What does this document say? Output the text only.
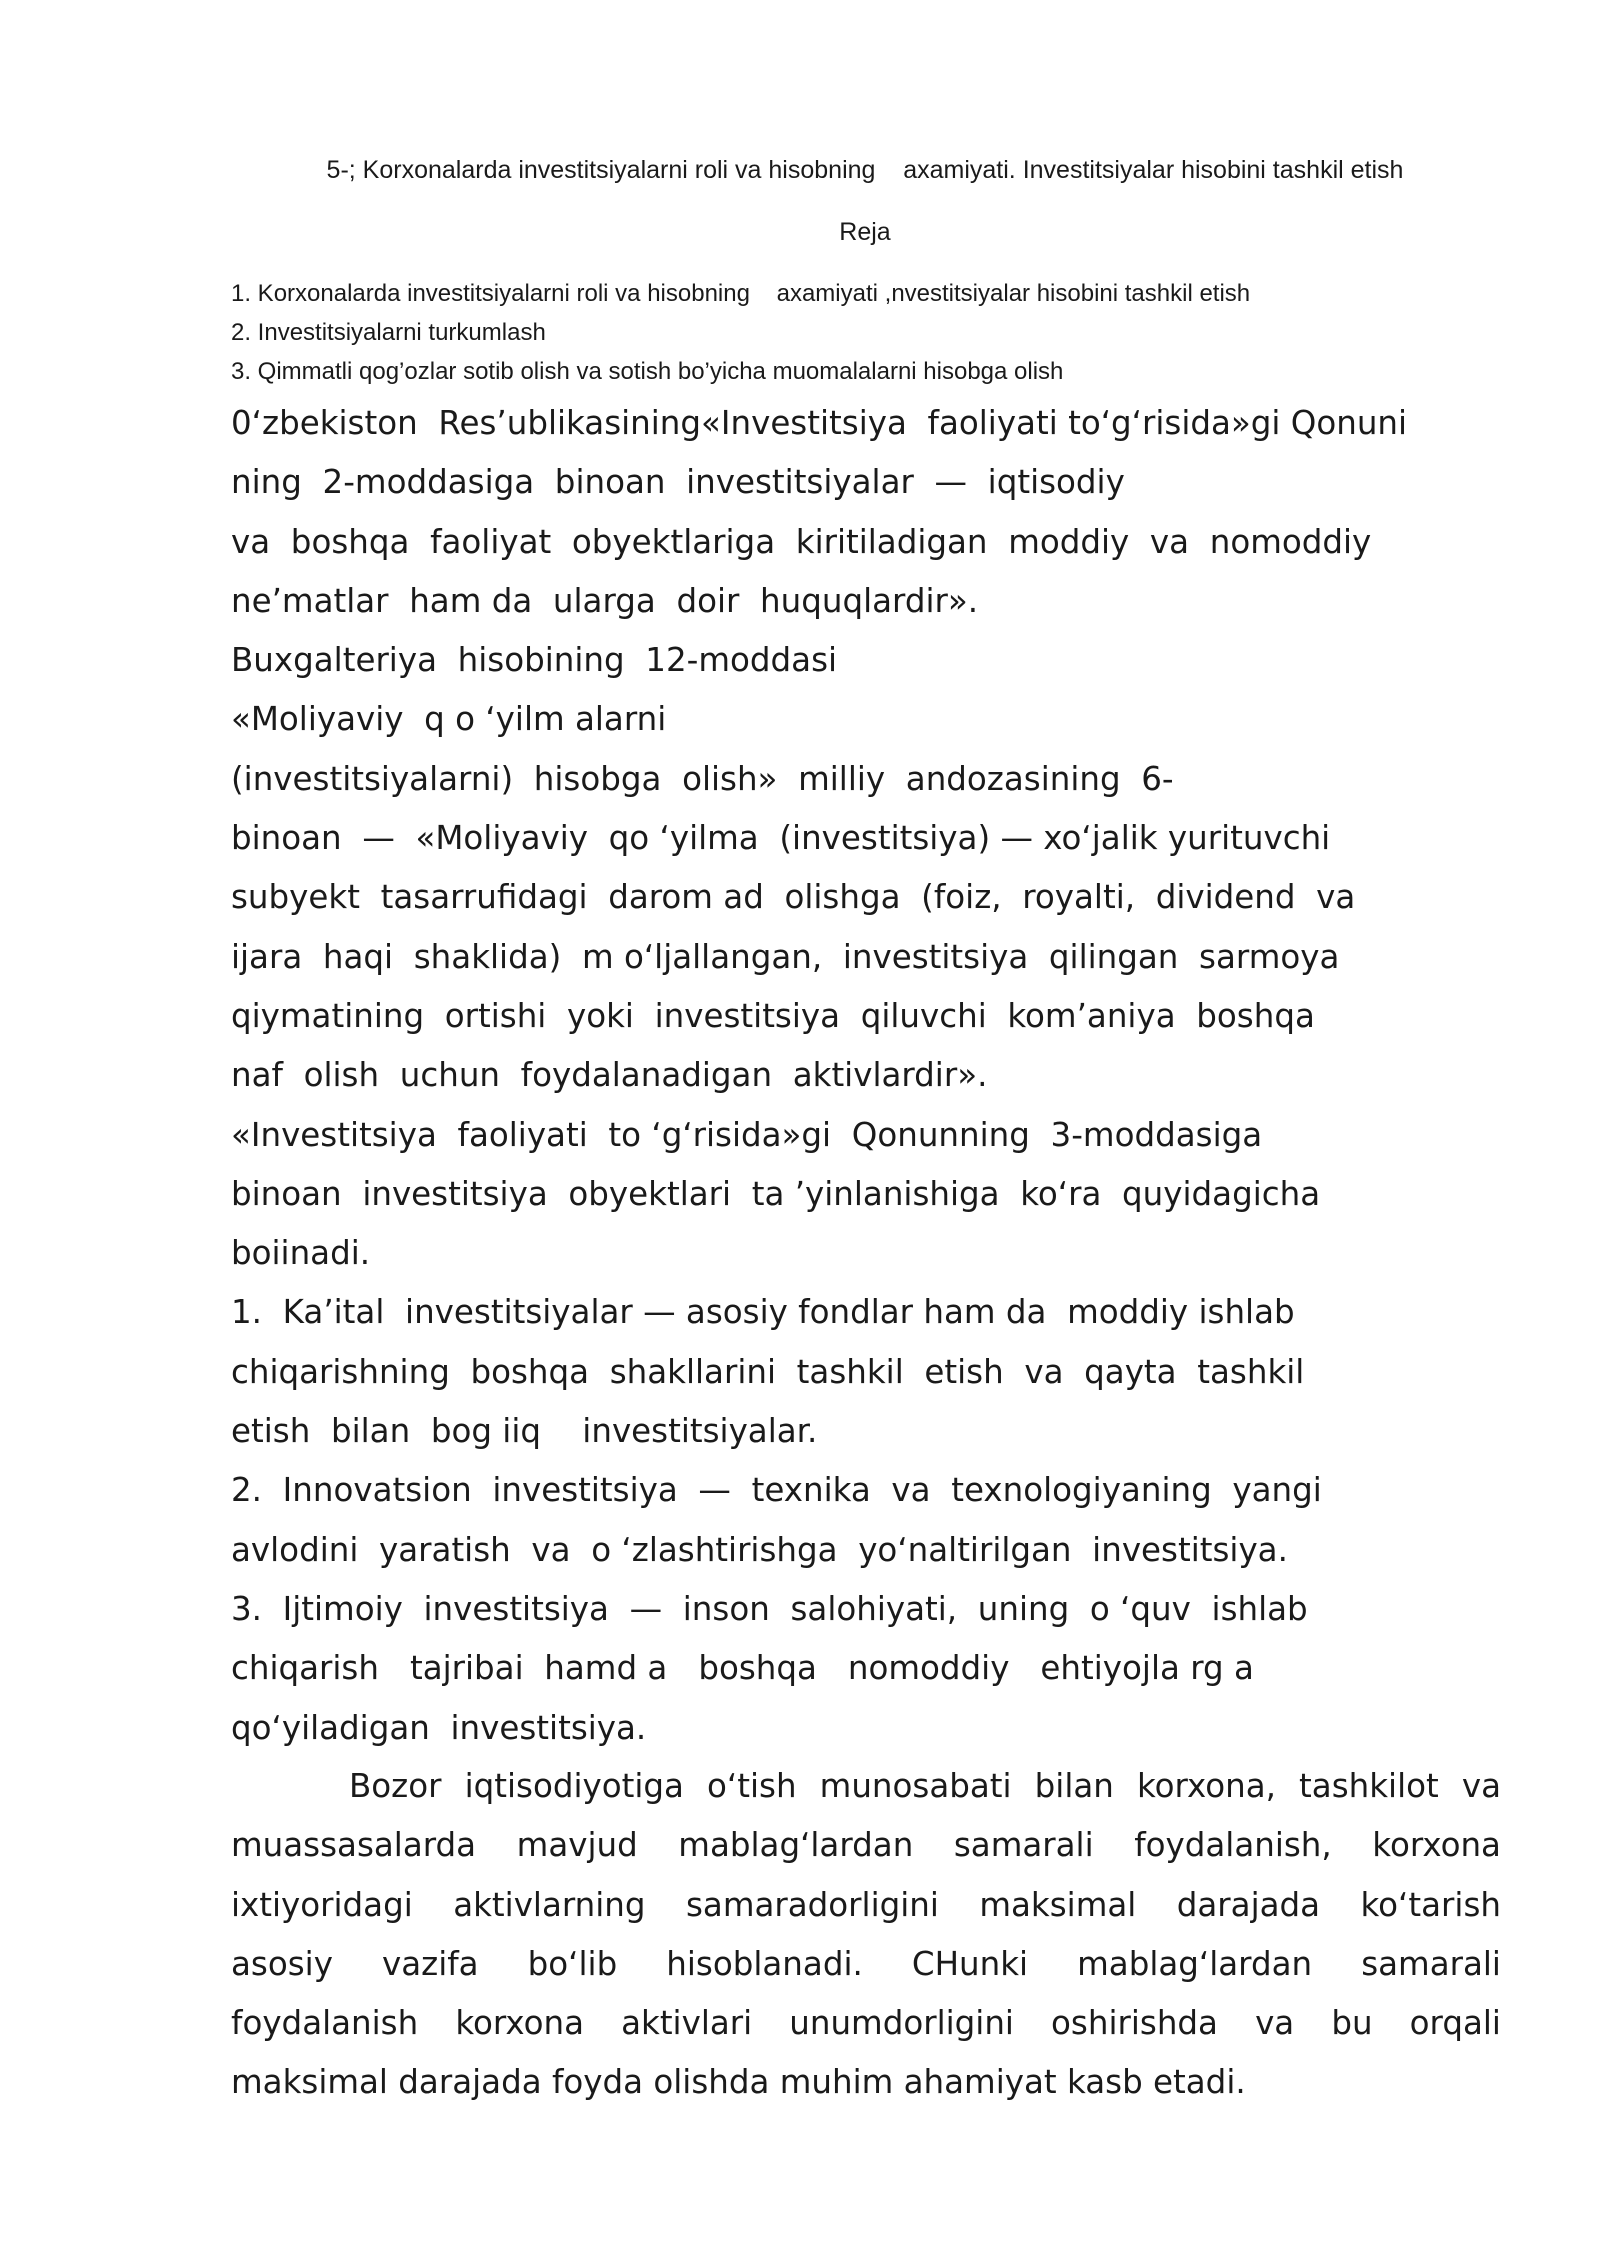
5-; Korxonalarda investitsiyalarni roli va hisobning    axamiyati. Investitsiyalar hisobini tashkil etish
Reja
1. Korxonalarda investitsiyalarni roli va hisobning    axamiyati ,nvestitsiyalar hisobini tashkil etish
2. Investitsiyalarni turkumlash
3. Qimmatli qog’ozlar sotib olish va sotish bo’yicha muomalalarni hisobga olish
0‘zbekiston  Res’ublikasining«Investitsiya  faoliyati to‘g‘risida»gi Qonuni
ning  2-moddasiga  binoan  investitsiyalar  —  iqtisodiy
va  boshqa  faoliyat  obyektlariga  kiritiladigan  moddiy  va  nomoddiy
ne’matlar  ham da  ularga  doir  huquqlardir».
Buxgalteriya  hisobining  12-moddasi
«Moliyaviy  q o ‘yilm alarni
(investitsiyalarni)  hisobga  olish»  milliy  andozasining  6-
binoan  —  «Moliyaviy  qo ‘yilma  (investitsiya) — xo‘jalik yurituvchi
subyekt  tasarrufidagi  darom ad  olishga  (foiz,  royalti,  dividend  va
ijara  haqi  shaklida)  m o‘ljallangan,  investitsiya  qilingan  sarmoya
qiymatining  ortishi  yoki  investitsiya  qiluvchi  kom’aniya  boshqa
naf  olish  uchun  foydalanadigan  aktivlardir».
«Investitsiya  faoliyati  to ‘g‘risida»gi  Qonunning  3-moddasiga
binoan  investitsiya  obyektlari  ta ’yinlanishiga  ko‘ra  quyidagicha
boiinadi.
1.  Ka’ital  investitsiyalar — asosiy fondlar ham da  moddiy ishlab
chiqarishning  boshqa  shakllarini  tashkil  etish  va  qayta  tashkil
etish  bilan  bog iiq    investitsiyalar.
2.  Innovatsion  investitsiya  —  texnika  va  texnologiyaning  yangi
avlodini  yaratish  va  o ‘zlashtirishga  yo‘naltirilgan  investitsiya.
3.  Ijtimoiy  investitsiya  —  inson  salohiyati,  uning  o ‘quv  ishlab
chiqarish   tajribai  hamd a   boshqa   nomoddiy   ehtiyojla rg a
qo‘yiladigan  investitsiya.
Bozor iqtisodiyotiga o‘tish munosabati bilan korxona, tashkilot va
muassasalarda mavjud mablag‘lardan samarali foydalanish, korxona
ixtiyoridagi aktivlarning samaradorligini maksimal darajada ko‘tarish
asosiy vazifa bo‘lib hisoblanadi. CHunki mablag‘lardan samarali
foydalanish korxona aktivlari unumdorligini oshirishda va bu orqali
maksimal darajada foyda olishda muhim ahamiyat kasb etadi.
